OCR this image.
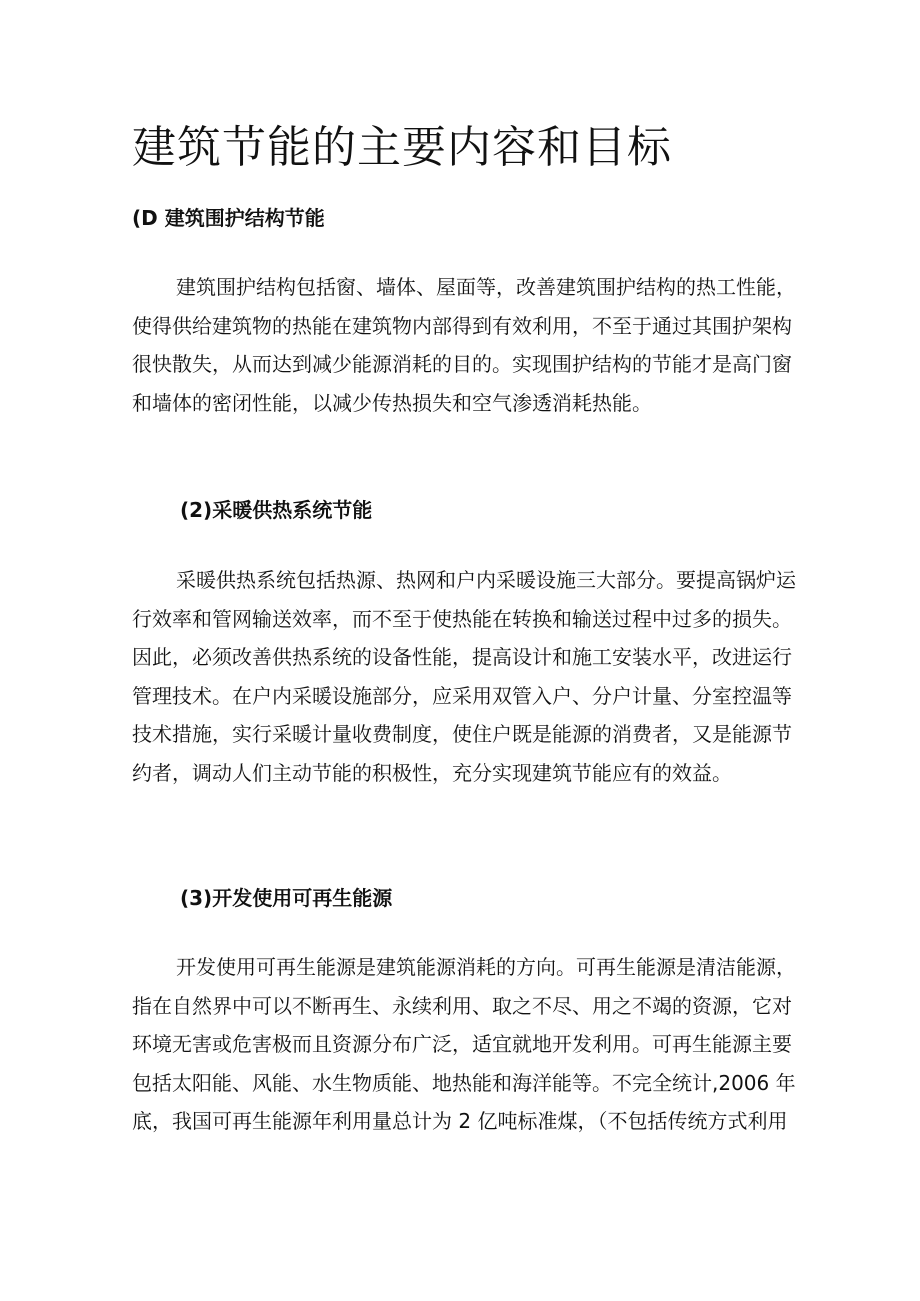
建筑节能的主要内容和目标
(D 建筑围护结构节能

建筑围护结构包括窗、墙体、屋面等，改善建筑围护结构的热工性能，
使得供给建筑物的热能在建筑物内部得到有效利用，不至于通过其围护架构
很快散失，从而达到减少能源消耗的目的。实现围护结构的节能才是高门窗
和墙体的密闭性能，以减少传热损失和空气渗透消耗热能。

(2)采暖供热系统节能

采暖供热系统包括热源、热网和户内采暖设施三大部分。要提高锅炉运
行效率和管网输送效率，而不至于使热能在转换和输送过程中过多的损失。
因此，必须改善供热系统的设备性能，提高设计和施工安装水平，改进运行
管理技术。在户内采暖设施部分，应采用双管入户、分户计量、分室控温等
技术措施，实行采暖计量收费制度，使住户既是能源的消费者，又是能源节
约者，调动人们主动节能的积极性，充分实现建筑节能应有的效益。

(3)开发使用可再生能源

开发使用可再生能源是建筑能源消耗的方向。可再生能源是清洁能源，
指在自然界中可以不断再生、永续利用、取之不尽、用之不竭的资源，它对
环境无害或危害极而且资源分布广泛，适宜就地开发利用。可再生能源主要
包括太阳能、风能、水生物质能、地热能和海洋能等。不完全统计,2006 年
底，我国可再生能源年利用量总计为 2 亿吨标准煤，（不包括传统方式利用
